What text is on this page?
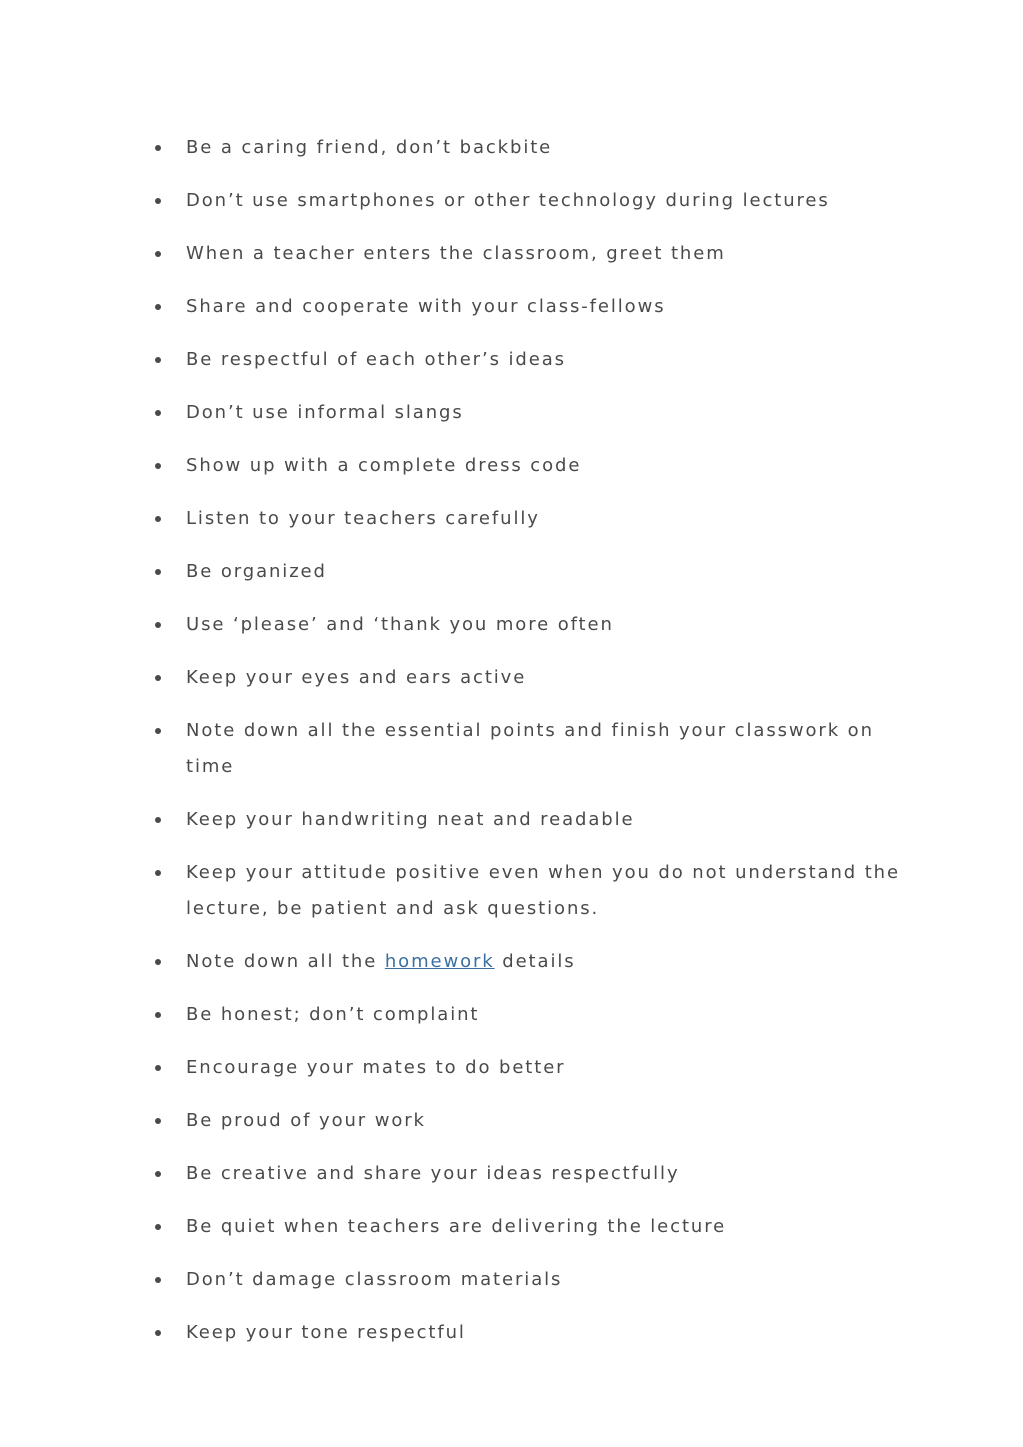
Be a caring friend, don’t backbite
Don’t use smartphones or other technology during lectures
When a teacher enters the classroom, greet them
Share and cooperate with your class-fellows
Be respectful of each other’s ideas
Don’t use informal slangs
Show up with a complete dress code
Listen to your teachers carefully
Be organized
Use ‘please’ and ‘thank you more often
Keep your eyes and ears active
Note down all the essential points and finish your classwork on time
Keep your handwriting neat and readable
Keep your attitude positive even when you do not understand the lecture, be patient and ask questions.
Note down all the homework details
Be honest; don’t complaint
Encourage your mates to do better
Be proud of your work
Be creative and share your ideas respectfully
Be quiet when teachers are delivering the lecture
Don’t damage classroom materials
Keep your tone respectful
